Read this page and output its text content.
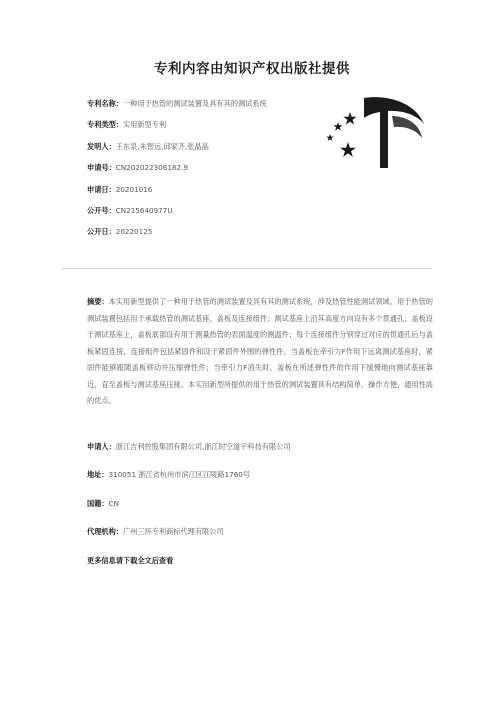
专利内容由知识产权出版社提供
专利名称：一种用于热管的测试装置及具有其的测试系统
专利类型：实用新型专利
发明人：王东泉,朱智远,邱家齐,张晶晶
申请号：CN202022306182.9
申请日：20201016
公开号：CN215640977U
公开日：20220125
摘要：本实用新型提供了一种用于热管的测试装置及具有其的测试系统，涉及热管性能测试领域。用于热管的测试装置包括用于承载热管的测试基座、盖板及连接组件；测试基座上沿其高度方向设有多个贯通孔；盖板设于测试基座上，盖板底部设有用于测量热管的表面温度的测温件；每个连接组件分别穿过对应的贯通孔后与盖板紧固连接，连接组件包括紧固件和设于紧固件外围的弹性件。当盖板在牵引力F作用下远离测试基座时，紧固件能够跟随盖板移动并压缩弹性件；当牵引力F消失时，盖板在所述弹性件的作用下缓慢地向测试基座靠近，直至盖板与测试基座压接。本实用新型所提供的用于热管的测试装置具有结构简单、操作方便、通用性高的优点。
申请人：浙江吉利控股集团有限公司,浙江时空道宇科技有限公司
地址：310051 浙江省杭州市滨江区江陵路1760号
国籍：CN
代理机构：广州三环专利商标代理有限公司
更多信息请下载全文后查看
